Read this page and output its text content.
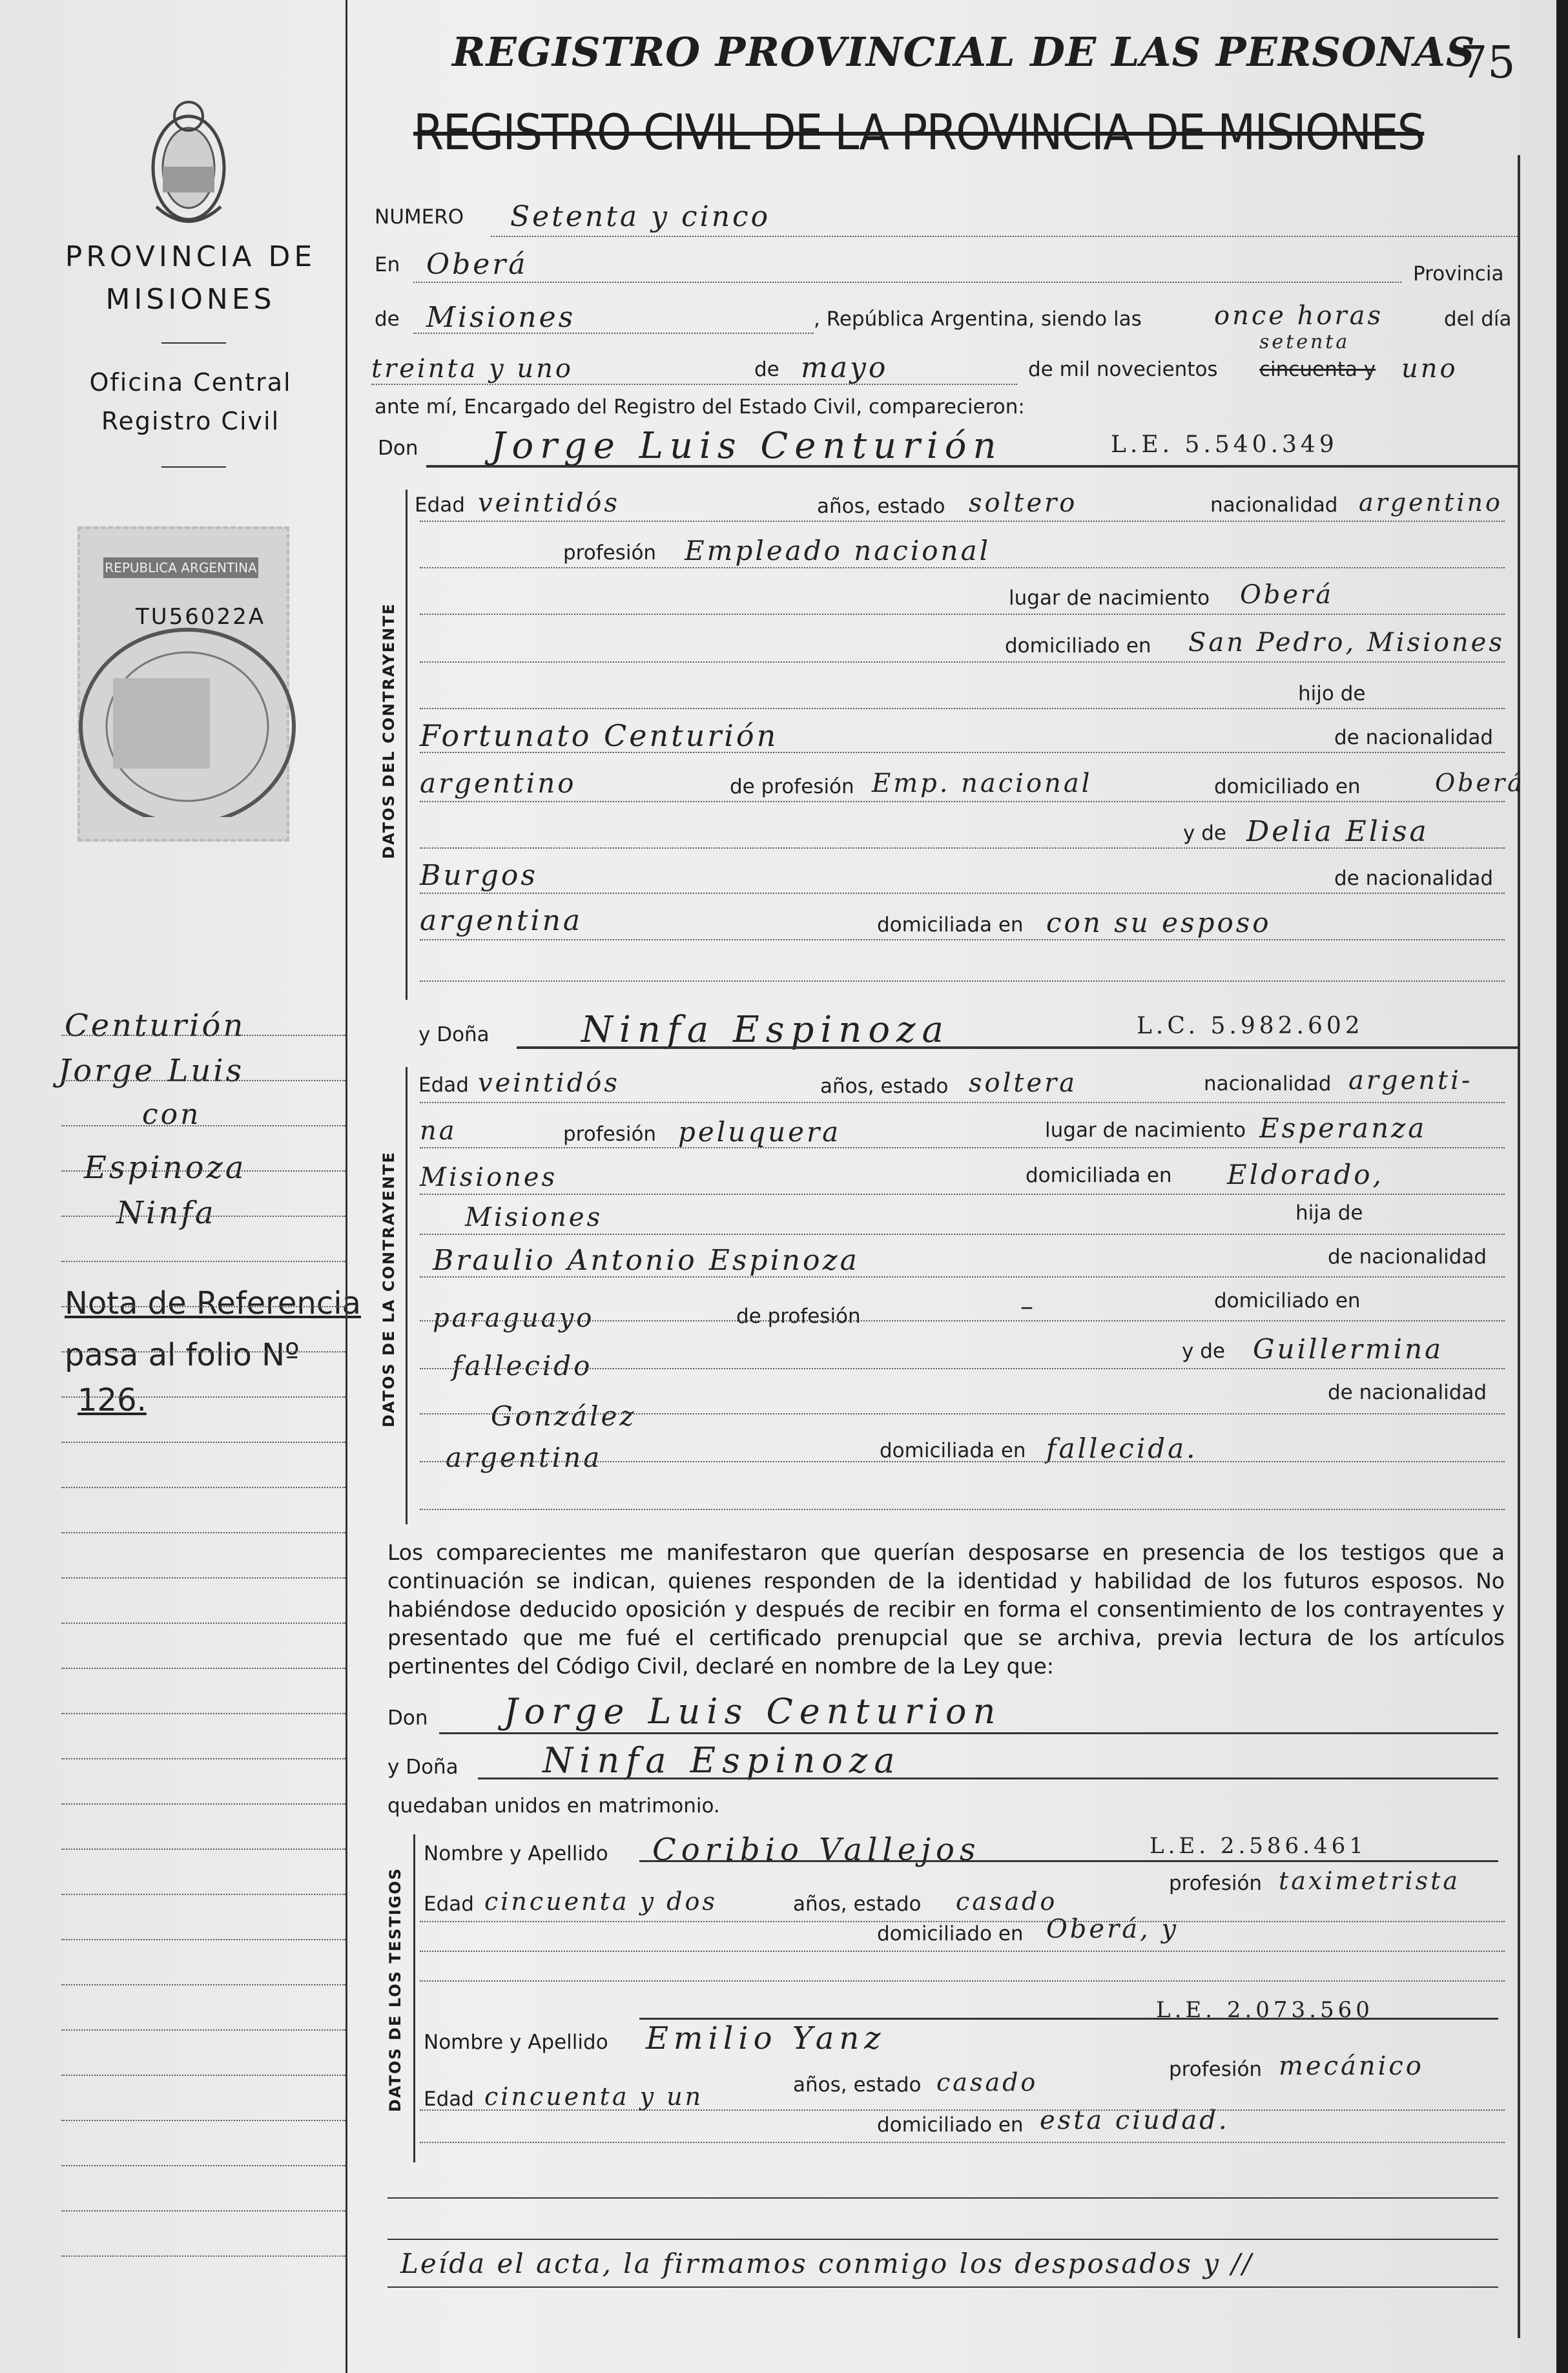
PROVINCIA DE
MISIONES
Oficina Central
Registro Civil
REPUBLICA ARGENTINA
TU56022A
Centurión
Jorge Luis
con
Espinoza
Ninfa
Nota de Referencia
pasa al folio Nº
126.
REGISTRO PROVINCIAL DE LAS PERSONAS
75
REGISTRO CIVIL DE LA PROVINCIA DE MISIONES
NUMERO Setenta y cinco
En Oberá	Provincia
de Misiones	, República Argentina, siendo las	once horas	del día
treinta y uno	de mayo	de mil novecientos
setenta
cincuenta y uno
ante mí, Encargado del Registro del Estado Civil, comparecieron:
Don Jorge Luis Centurión	L.E. 5.540.349
DATOS DEL CONTRAYENTE
Edad veintidós	años, estado soltero	nacionalidad argentino
profesión Empleado nacional
lugar de nacimiento Oberá
domiciliado en San Pedro, Misiones
hijo de
Fortunato Centurión	de nacionalidad
argentino	de profesión Emp. nacional	domiciliado en	Oberá
y de Delia Elisa
Burgos	de nacionalidad
argentina	domiciliada en con su esposo
y Doña	Ninfa Espinoza	L.C. 5.982.602
DATOS DE LA CONTRAYENTE
Edad veintidós	años, estado soltera	nacionalidad argenti-
na	profesión peluquera	lugar de nacimiento Esperanza
Misiones	domiciliada en Eldorado,
Misiones	hija de
Braulio Antonio Espinoza	de nacionalidad
paraguayo	de profesión	–	domiciliado en
fallecido	y de Guillermina
de nacionalidad
González
argentina	domiciliada en fallecida.
Los comparecientes me manifestaron que querían desposarse en presencia de los testigos que a continuación se indican, quienes responden de la identidad y habilidad de los futuros esposos. No habiéndose deducido oposición y después de recibir en forma el consentimiento de los contrayentes y presentado que me fué el certificado prenupcial que se archiva, previa lectura de los artículos pertinentes del Código Civil, declaré en nombre de la Ley que:
Don Jorge Luis Centurion
y Doña Ninfa Espinoza
quedaban unidos en matrimonio.
DATOS DE LOS TESTIGOS
Nombre y Apellido Coribio Vallejos	L.E. 2.586.461
Edad cincuenta y dos	años, estado casado
profesión taximetrista
domiciliado en Oberá, y
Nombre y Apellido Emilio Yanz
L.E. 2.073.560
Edad cincuenta y un	años, estado casado	profesión mecánico
domiciliado en esta ciudad.
Leída el acta, la firmamos conmigo los desposados y //
